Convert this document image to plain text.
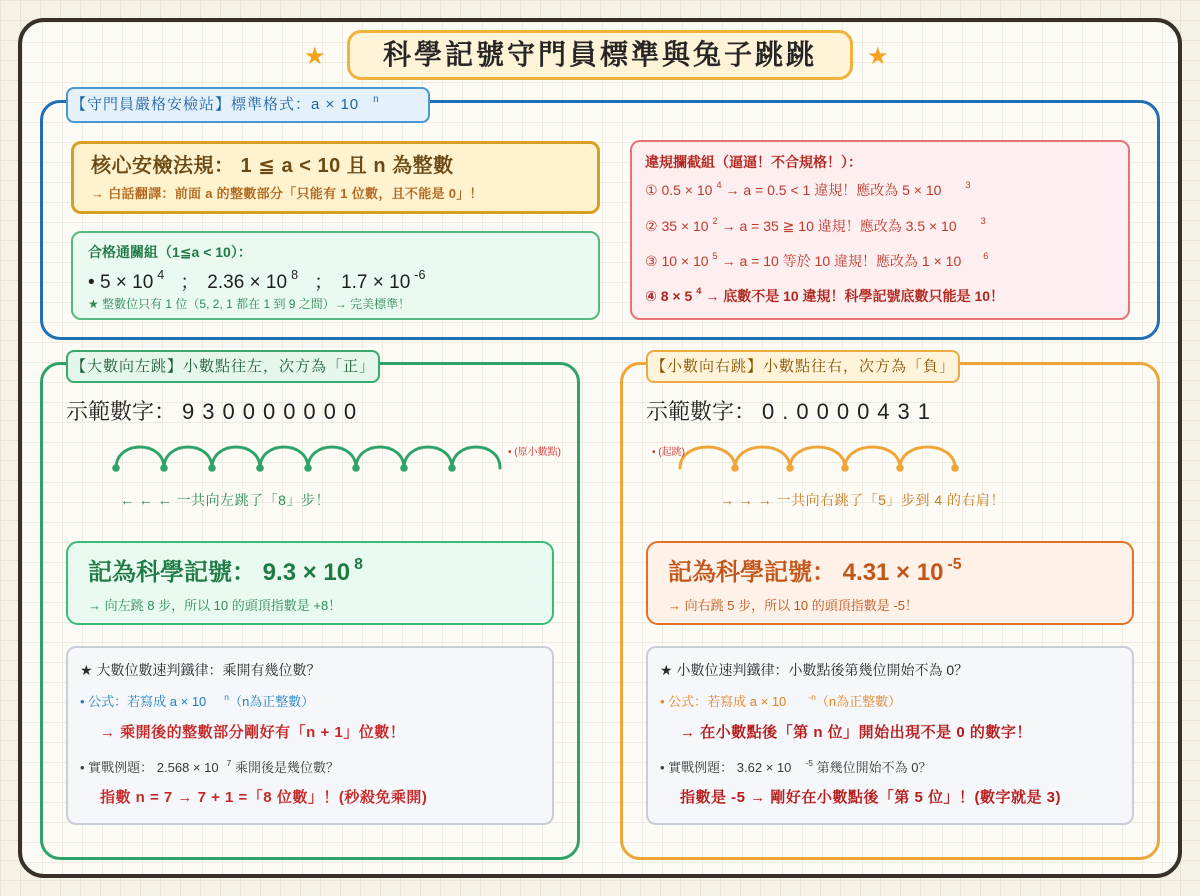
★	科學記號守門員標準與兔子跳跳	★
【守門員嚴格安檢站】標準格式：a × 10 $^n$
核心安檢法規： 1 ≦ a < 10 且 n 為整數
→ 白話翻譯：前面 a 的整數部分「只能有 1 位數，且不能是 0」！
合格通關組（1≦a < 10）：
• 5 × 10 $^4$ ； 2.36 × 10 $^8$ ； 1.7 × 10 $^{-6}$
★ 整數位只有 1 位（5, 2, 1 都在 1 到 9 之間）→ 完美標準！
違規攔截組（逼逼！不合規格！）：
① 0.5 × 10 $^4$ → a = 0.5 < 1 違規！應改為 5 × 10	$^3$
② 35 × 10 $^2$ → a = 35 ≧ 10 違規！應改為 3.5 × 10	$^3$
③ 10 × 10 $^5$ → a = 10 等於 10 違規！應改為 1 × 10 $^6$
④ 8 × 5 $^4$ → 底數不是 10 違規！科學記號底數只能是 10！
【大數向左跳】小數點往左，次方為「正」
示範數字： 930000000
• (原小數點)
← ← ← 一共向左跳了「8」步！
記為科學記號： 9.3 × 10 $^8$
→ 向左跳 8 步，所以 10 的頭頂指數是 +8！
★ 大數位數速判鐵律：乘開有幾位數？
• 公式：若寫成 a × 10 $^n$（n為正整數）
→ 乘開後的整數部分剛好有「n + 1」位數！
• 實戰例題： 2.568 × 10 $^7$ 乘開後是幾位數？
指數 n = 7 → 7 + 1 =「8 位數」！(秒殺免乘開)
【小數向右跳】小數點往右，次方為「負」
示範數字： 0.0000431
• (起跳)
→ → → 一共向右跳了「5」步到 4 的右肩！
記為科學記號： 4.31 × 10 $^{-5}$
→ 向右跳 5 步，所以 10 的頭頂指數是 -5！
★ 小數位速判鐵律：小數點後第幾位開始不為 0？
• 公式：若寫成 a × 10	$^{-n}$（n為正整數）
→ 在小數點後「第 n 位」開始出現不是 0 的數字！
• 實戰例題： 3.62 × 10 $^{-5}$ 第幾位開始不為 0？
指數是 -5 → 剛好在小數點後「第 5 位」！(數字就是 3)
